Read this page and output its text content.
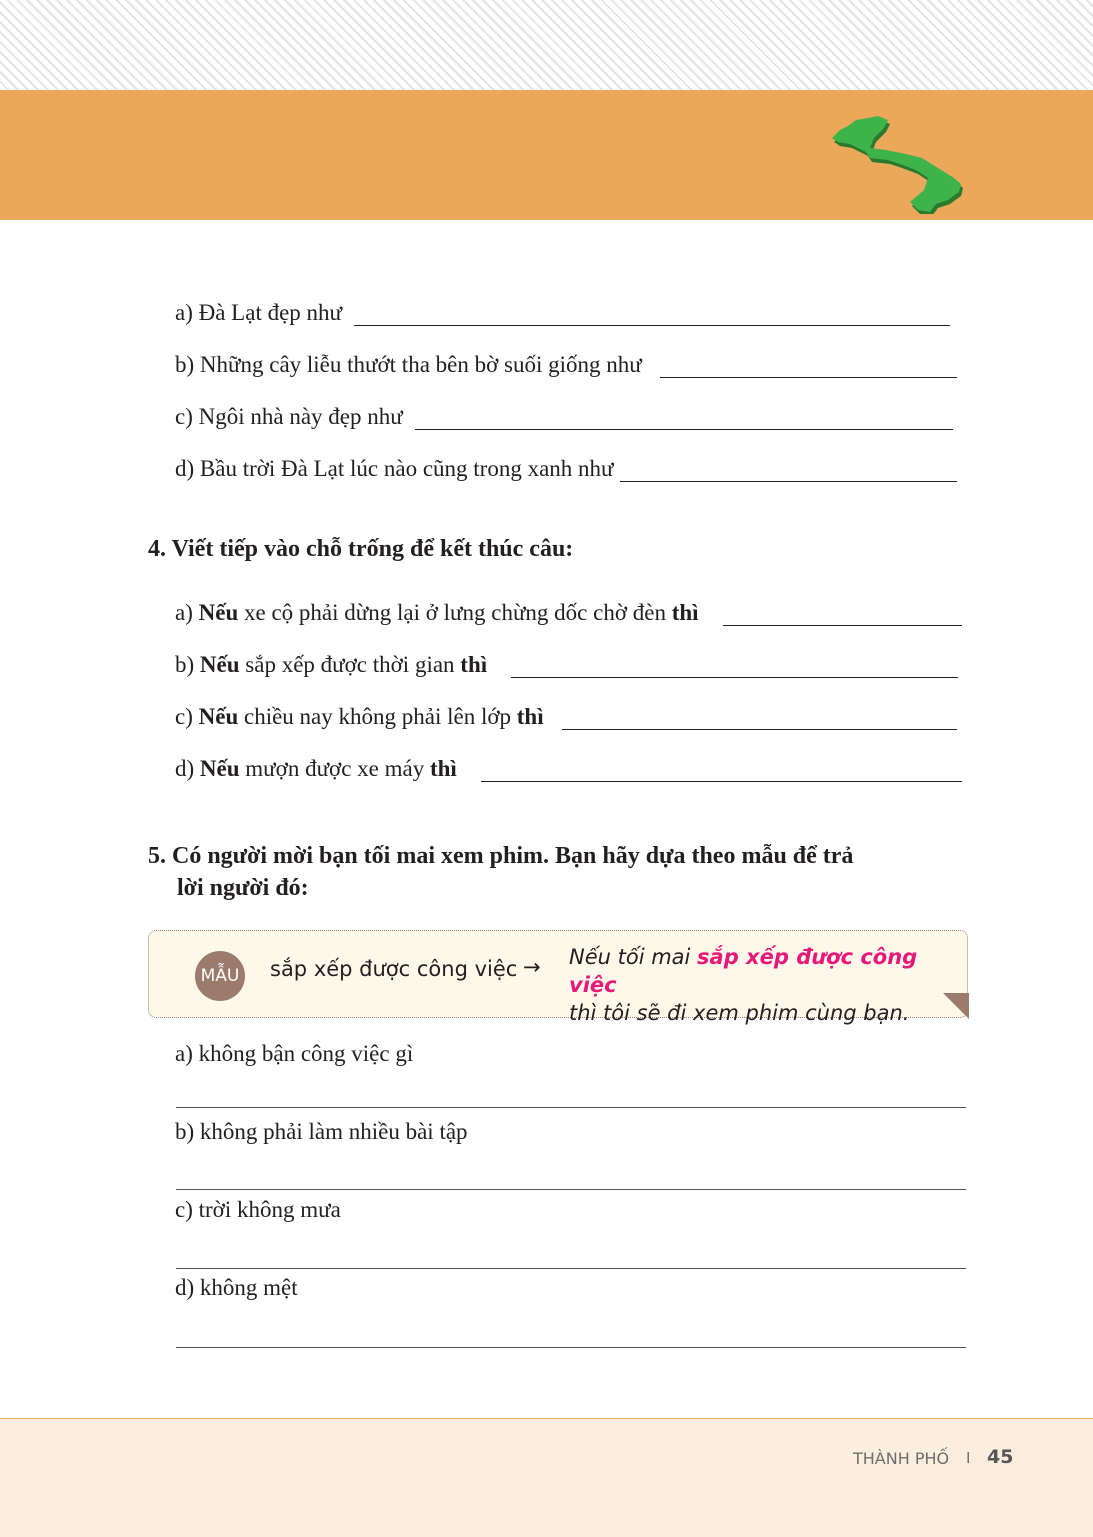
a) Đà Lạt đẹp như
b) Những cây liễu thướt tha bên bờ suối giống như
c) Ngôi nhà này đẹp như
d) Bầu trời Đà Lạt lúc nào cũng trong xanh như
4. Viết tiếp vào chỗ trống để kết thúc câu:
a) Nếu xe cộ phải dừng lại ở lưng chừng dốc chờ đèn thì
b) Nếu sắp xếp được thời gian thì
c) Nếu chiều nay không phải lên lớp thì
d) Nếu mượn được xe máy thì
5. Có người mời bạn tối mai xem phim. Bạn hãy dựa theo mẫu để trả
lời người đó:
MẪU sắp xếp được công việc → Nếu tối mai sắp xếp được công việc
thì tôi sẽ đi xem phim cùng bạn.
a) không bận công việc gì
b) không phải làm nhiều bài tập
c) trời không mưa
d) không mệt
THÀNH PHỐ I 45
